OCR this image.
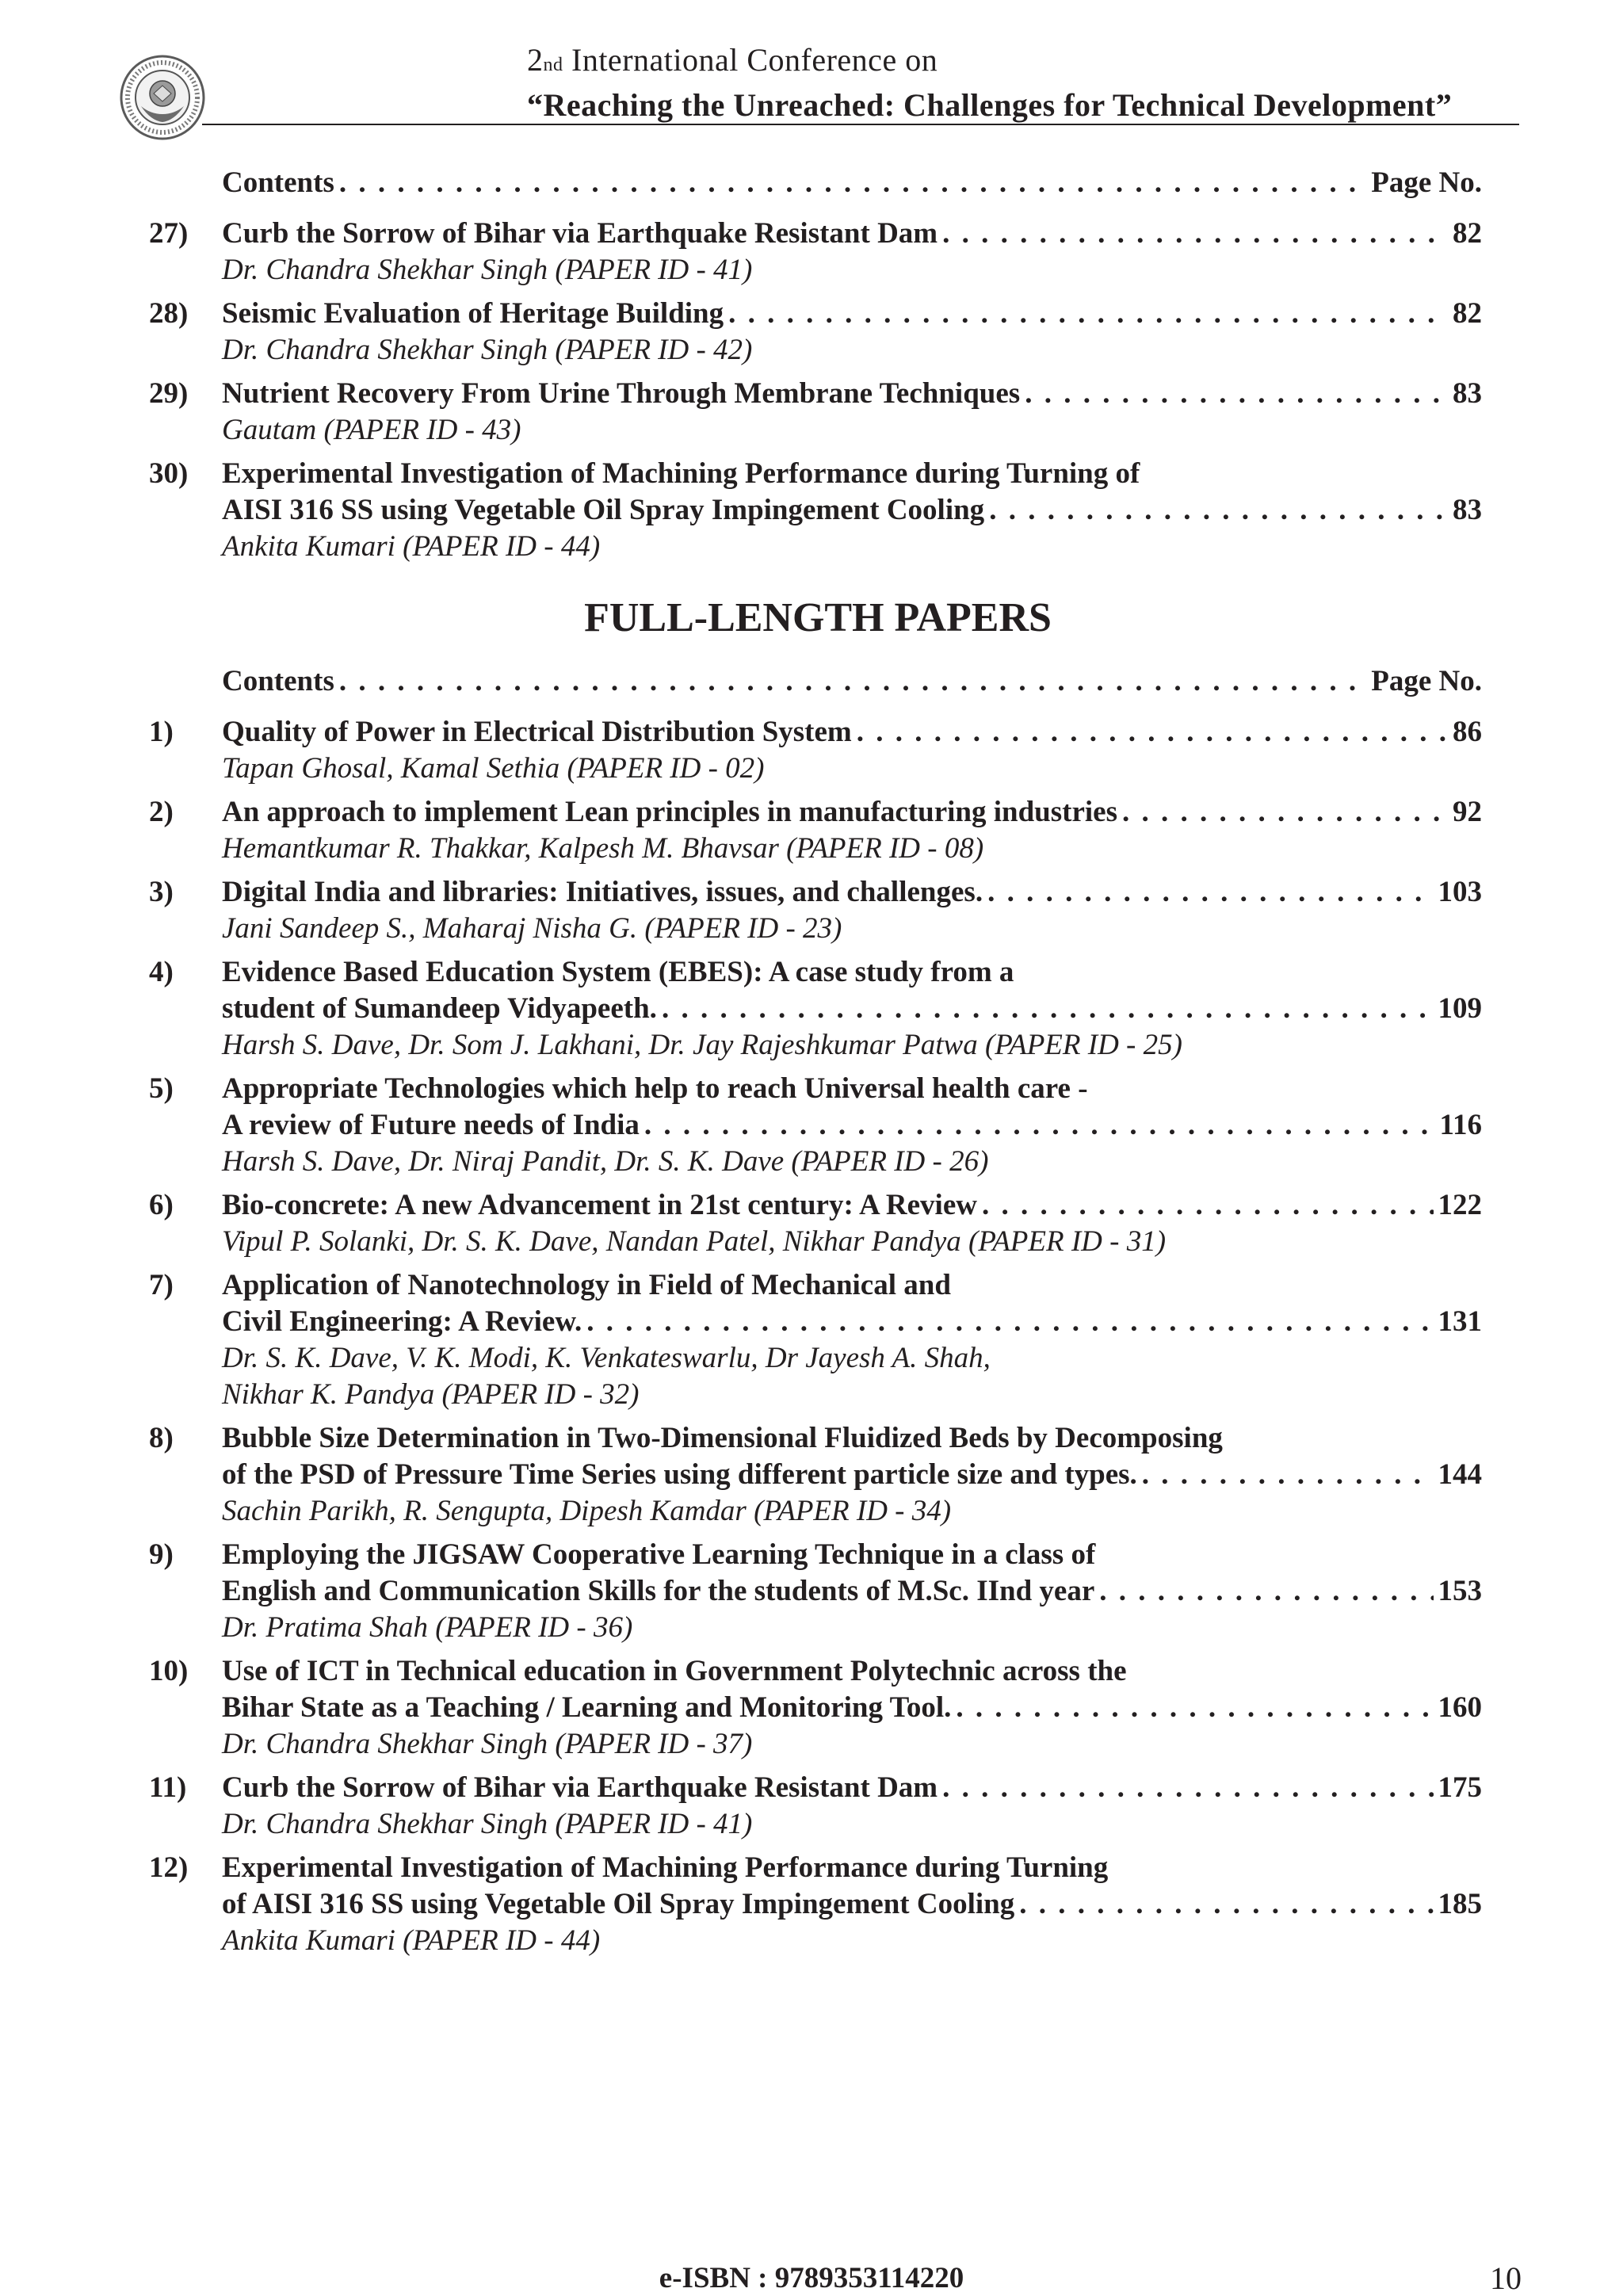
2nd International Conference on
“Reaching the Unreached: Challenges for Technical Development”
Contents . . .	Page No.
27)	Curb the Sorrow of Bihar via Earthquake Resistant Dam . . .	82
Dr. Chandra Shekhar Singh (PAPER ID - 41)
28)	Seismic Evaluation of Heritage Building . . .	82
Dr. Chandra Shekhar Singh (PAPER ID - 42)
29)	Nutrient Recovery From Urine Through Membrane Techniques . . .	83
Gautam (PAPER ID - 43)
30)	Experimental Investigation of Machining Performance during Turning of
AISI 316 SS using Vegetable Oil Spray Impingement Cooling . . .	83
Ankita Kumari (PAPER ID - 44)
FULL-LENGTH PAPERS
Contents . . .	Page No.
1)	Quality of Power in Electrical Distribution System . . .	86
Tapan Ghosal, Kamal Sethia (PAPER ID - 02)
2)	An approach to implement Lean principles in manufacturing industries . . .	92
Hemantkumar R. Thakkar, Kalpesh M. Bhavsar (PAPER ID - 08)
3)	Digital India and libraries: Initiatives, issues, and challenges. . . .	103
Jani Sandeep S., Maharaj Nisha G. (PAPER ID - 23)
4)	Evidence Based Education System (EBES): A case study from a
student of Sumandeep Vidyapeeth. . . .	109
Harsh S. Dave, Dr. Som J. Lakhani, Dr. Jay Rajeshkumar Patwa (PAPER ID - 25)
5)	Appropriate Technologies which help to reach Universal health care -
A review of Future needs of India . . .	116
Harsh S. Dave, Dr. Niraj Pandit, Dr. S. K. Dave (PAPER ID - 26)
6)	Bio-concrete: A new Advancement in 21st century: A Review . . .	122
Vipul P. Solanki, Dr. S. K. Dave, Nandan Patel, Nikhar Pandya (PAPER ID - 31)
7)	Application of Nanotechnology in Field of Mechanical and
Civil Engineering: A Review. . . .	131
Dr. S. K. Dave, V. K. Modi, K. Venkateswarlu, Dr Jayesh A. Shah,
Nikhar K. Pandya (PAPER ID - 32)
8)	Bubble Size Determination in Two-Dimensional Fluidized Beds by Decomposing
of the PSD of Pressure Time Series using different particle size and types. . . .	144
Sachin Parikh, R. Sengupta, Dipesh Kamdar (PAPER ID - 34)
9)	Employing the JIGSAW Cooperative Learning Technique in a class of
English and Communication Skills for the students of M.Sc. IInd year . . .	153
Dr. Pratima Shah (PAPER ID - 36)
10)	Use of ICT in Technical education in Government Polytechnic across the
Bihar State as a Teaching / Learning and Monitoring Tool. . . .	160
Dr. Chandra Shekhar Singh (PAPER ID - 37)
11)	Curb the Sorrow of Bihar via Earthquake Resistant Dam . . .	175
Dr. Chandra Shekhar Singh (PAPER ID - 41)
12)	Experimental Investigation of Machining Performance during Turning
of AISI 316 SS using Vegetable Oil Spray Impingement Cooling . . .	185
Ankita Kumari (PAPER ID - 44)
e-ISBN : 9789353114220	10
